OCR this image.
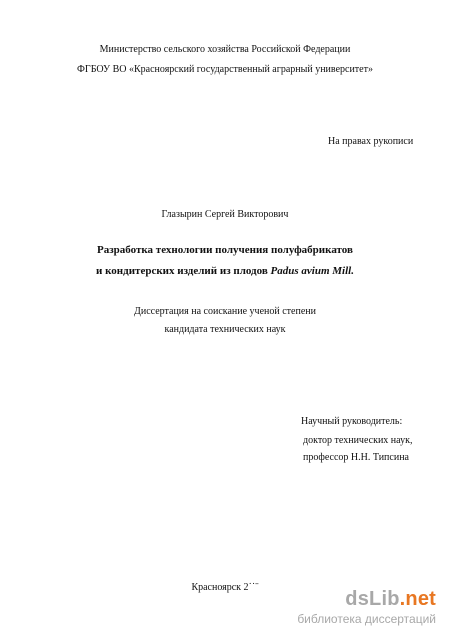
Министерство сельского хозяйства Российской Федерации
ФГБОУ ВО «Красноярский государственный аграрный университет»
На правах рукописи
Глазырин Сергей Викторович
Разработка технологии получения полуфабрикатов
и кондитерских изделий из плодов Padus avium Mill.
Диссертация на соискание ученой степени
кандидата технических наук
Научный руководитель:
доктор технических наук,
профессор Н.Н. Типсина
Красноярск 2˙˙ˉ
dsLib.net
библиотека диссертаций
